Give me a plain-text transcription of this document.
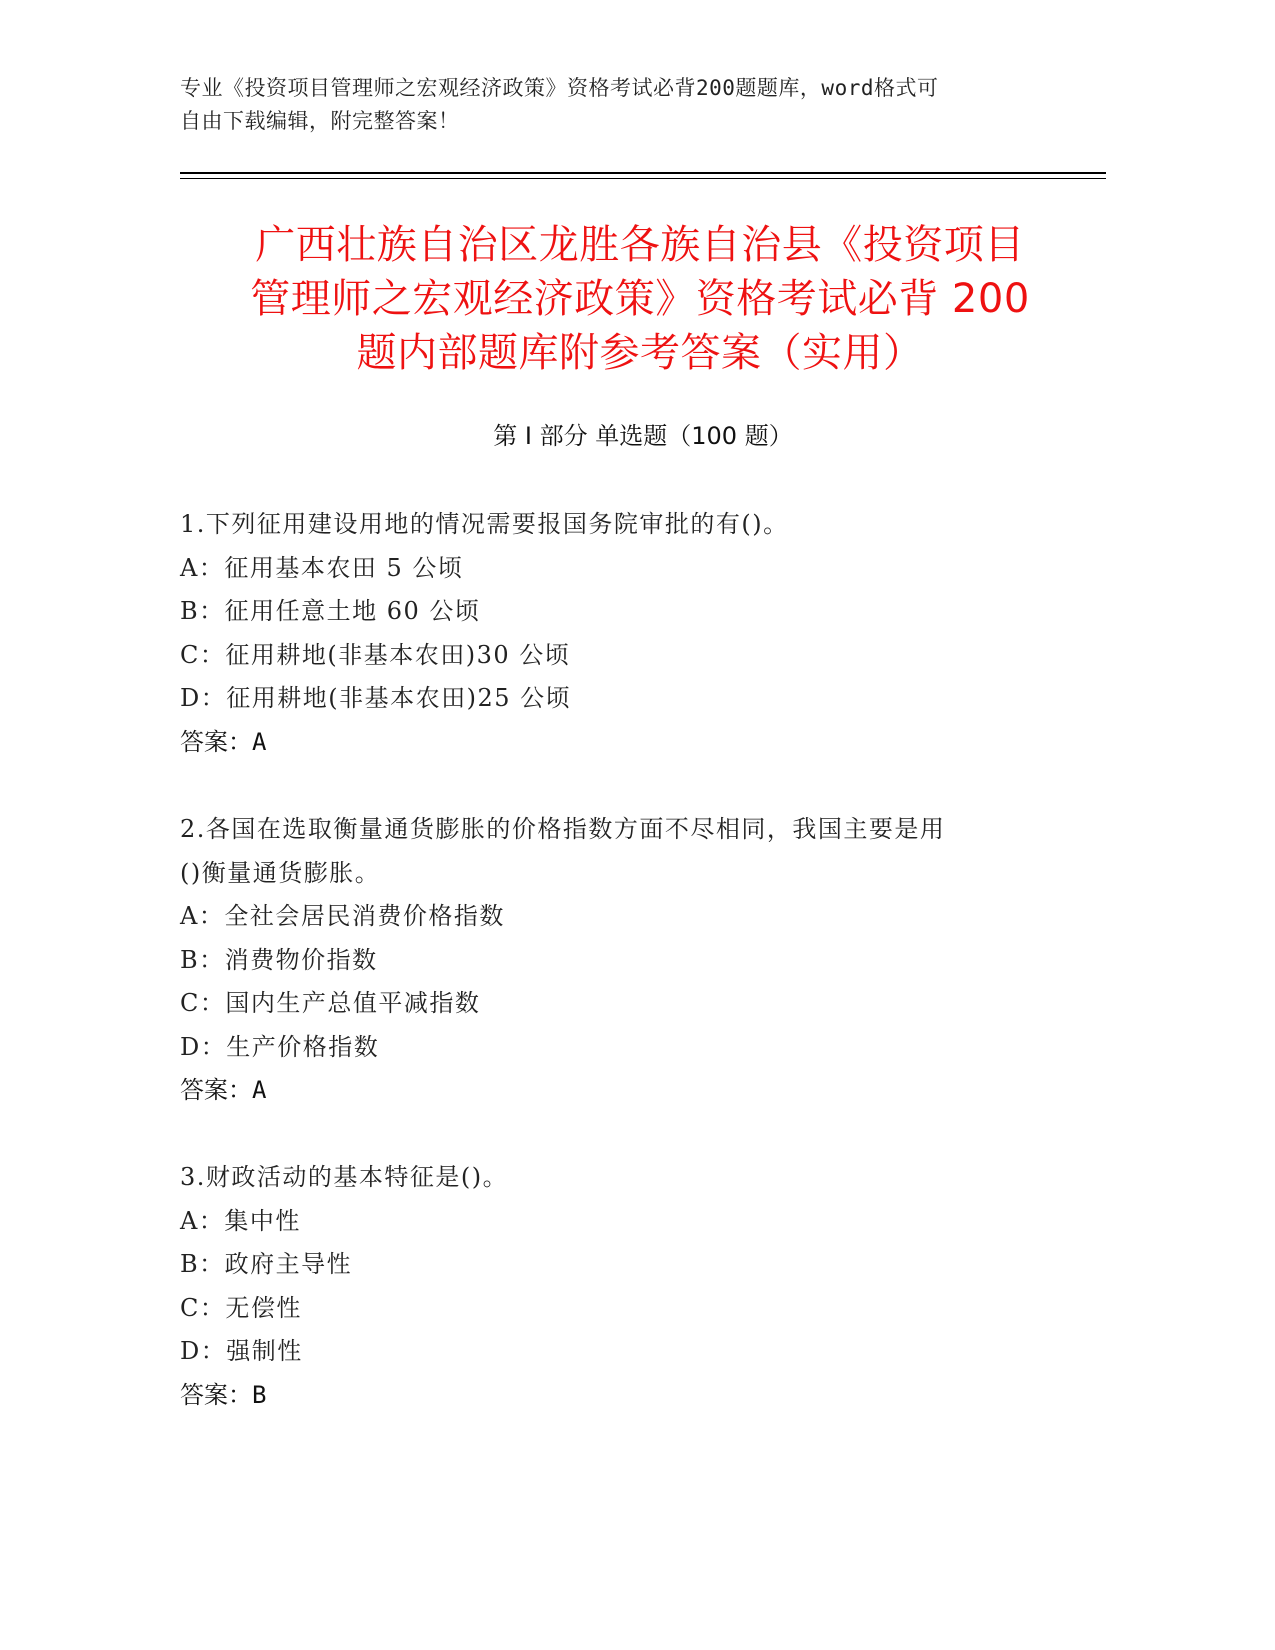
专业《投资项目管理师之宏观经济政策》资格考试必背200题题库，word格式可
自由下载编辑，附完整答案！
广西壮族自治区龙胜各族自治县《投资项目
管理师之宏观经济政策》资格考试必背 200
题内部题库附参考答案（实用）
第 I 部分 单选题（100 题）
1.下列征用建设用地的情况需要报国务院审批的有()。
A：征用基本农田 5 公顷
B：征用任意土地 60 公顷
C：征用耕地(非基本农田)30 公顷
D：征用耕地(非基本农田)25 公顷
答案：A
2.各国在选取衡量通货膨胀的价格指数方面不尽相同，我国主要是用
()衡量通货膨胀。
A：全社会居民消费价格指数
B：消费物价指数
C：国内生产总值平减指数
D：生产价格指数
答案：A
3.财政活动的基本特征是()。
A：集中性
B：政府主导性
C：无偿性
D：强制性
答案：B
